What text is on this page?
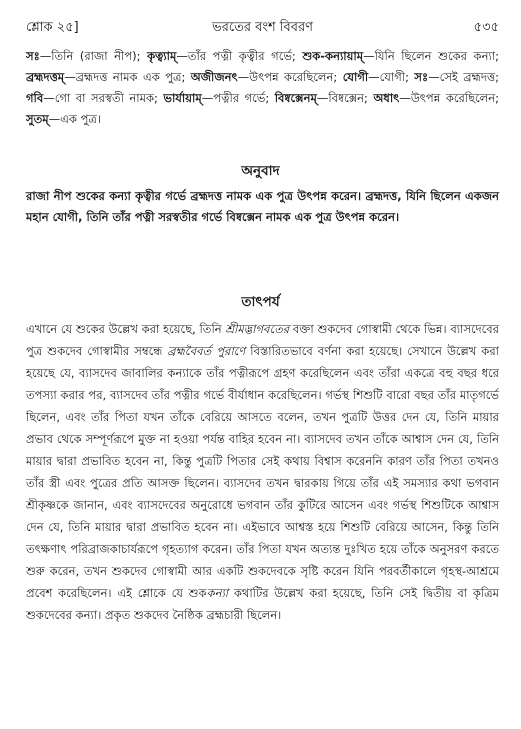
শ্লোক ২৫]	ভরতের বংশ বিবরণ	৫৩৫
সঃ—তিনি (রাজা নীপ); কৃত্ব্যাম্—তাঁর পত্নী কৃত্বীর গর্ভে; শুক-কন্যায়াম্—যিনি ছিলেন শুকের কন্যা; ব্রহ্মদত্তম্—ব্রহ্মদত্ত নামক এক পুত্র; অজীজনৎ—উৎপন্ন করেছিলেন; যোগী—যোগী; সঃ—সেই ব্রহ্মদত্ত; গবি—গো বা সরস্বতী নামক; ভার্যায়াম্—পত্নীর গর্ভে; বিষ্বক্সেনম্—বিষ্বক্সেন; অধাৎ—উৎপন্ন করেছিলেন; সুতম্—এক পুত্র।
অনুবাদ
রাজা নীপ শুকের কন্যা কৃত্বীর গর্ভে ব্রহ্মদত্ত নামক এক পুত্র উৎপন্ন করেন। ব্রহ্মদত্ত, যিনি ছিলেন একজন মহান যোগী, তিনি তাঁর পত্নী সরস্বতীর গর্ভে বিষ্বক্সেন নামক এক পুত্র উৎপন্ন করেন।
তাৎপর্য
এখানে যে শুকের উল্লেখ করা হয়েছে, তিনি শ্রীমদ্ভাগবতের বক্তা শুকদেব গোস্বামী থেকে ভিন্ন। ব্যাসদেবের পুত্র শুকদেব গোস্বামীর সম্বন্ধে ব্রহ্মবৈবর্ত পুরাণে বিস্তারিতভাবে বর্ণনা করা হয়েছে। সেখানে উল্লেখ করা হয়েছে যে, ব্যাসদেব জাবালির কন্যাকে তাঁর পত্নীরূপে গ্রহণ করেছিলেন এবং তাঁরা একত্রে বহু বছর ধরে তপস্যা করার পর, ব্যাসদেব তাঁর পত্নীর গর্ভে বীর্যাধান করেছিলেন। গর্ভস্থ শিশুটি বারো বছর তাঁর মাতৃগর্ভে ছিলেন, এবং তাঁর পিতা যখন তাঁকে বেরিয়ে আসতে বলেন, তখন পুত্রটি উত্তর দেন যে, তিনি মায়ার প্রভাব থেকে সম্পূর্ণরূপে মুক্ত না হওয়া পর্যন্ত বাহির হবেন না। ব্যাসদেব তখন তাঁকে আশ্বাস দেন যে, তিনি মায়ার দ্বারা প্রভাবিত হবেন না, কিন্তু পুত্রটি পিতার সেই কথায় বিশ্বাস করেননি কারণ তাঁর পিতা তখনও তাঁর স্ত্রী এবং পুত্রের প্রতি আসক্ত ছিলেন। ব্যাসদেব তখন দ্বারকায় গিয়ে তাঁর এই সমস্যার কথা ভগবান শ্রীকৃষ্ণকে জানান, এবং ব্যাসদেবের অনুরোধে ভগবান তাঁর কুটিরে আসেন এবং গর্ভস্থ শিশুটিকে আশ্বাস দেন যে, তিনি মায়ার দ্বারা প্রভাবিত হবেন না। এইভাবে আশ্বস্ত হয়ে শিশুটি বেরিয়ে আসেন, কিন্তু তিনি তৎক্ষণাৎ পরিব্রাজকাচার্যরূপে গৃহত্যাগ করেন। তাঁর পিতা যখন অত্যন্ত দুঃখিত হয়ে তাঁকে অনুসরণ করতে শুরু করেন, তখন শুকদেব গোস্বামী আর একটি শুকদেবকে সৃষ্টি করেন যিনি পরবর্তীকালে গৃহস্থ-আশ্রমে প্রবেশ করেছিলেন। এই শ্লোকে যে শুককন্যা কথাটির উল্লেখ করা হয়েছে, তিনি সেই দ্বিতীয় বা কৃত্রিম শুকদেবের কন্যা। প্রকৃত শুকদেব নৈষ্ঠিক ব্রহ্মচারী ছিলেন।
